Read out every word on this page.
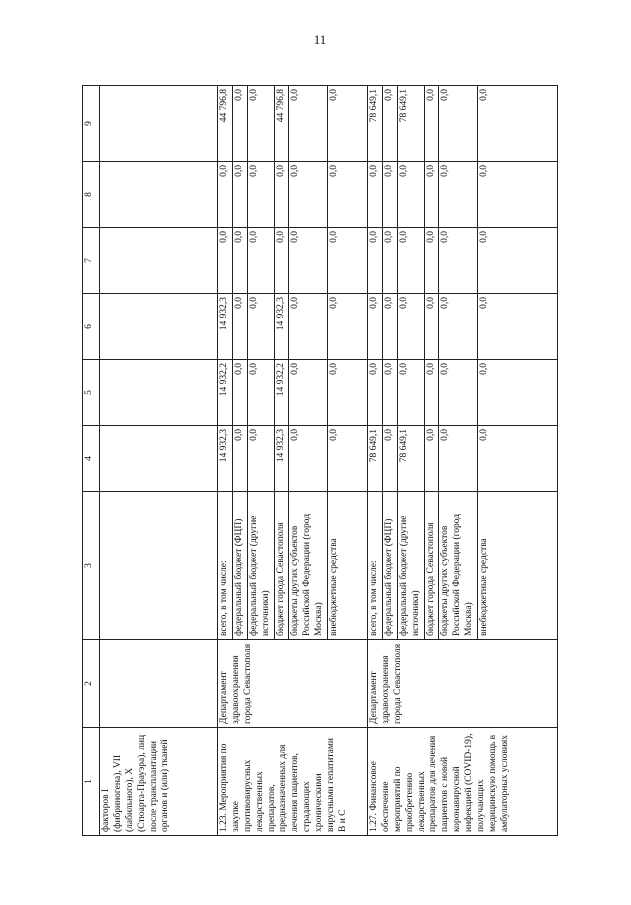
11
1	2	3	4	5	6	7	8	9
факторов I (фибриногена), VII (лабильного), X (Стюарта-Прауэра), лиц после трансплантации органов и (или) тканей								
1.23. Мероприятия по закупке противовирусных лекарственных препаратов, предназначенных для лечения пациентов, страдающих хроническими вирусными гепатитами В и С	Департамент здравоохранения города Севастополя	всего, в том числе:	14 932,3	14 932,2	14 932,3	0,0	0,0	44 796,8
		федеральный бюджет (ФЦП)	0,0	0,0	0,0	0,0	0,0	0,0
		федеральный бюджет (другие источники)	0,0	0,0	0,0	0,0	0,0	0,0
		бюджет города Севастополя	14 932,3	14 932,2	14 932,3	0,0	0,0	44 796,8
		бюджеты других субъектов Российской Федерации (город Москва)	0,0	0,0	0,0	0,0	0,0	0,0
		внебюджетные средства	0,0	0,0	0,0	0,0	0,0	0,0
1.27. Финансовое обеспечение мероприятий по приобретению лекарственных препаратов для лечения пациентов с новой коронавирусной инфекцией (COVID-19), получающих медицинскую помощь в амбулаторных условиях	Департамент здравоохранения города Севастополя	всего, в том числе:	78 649,1	0,0	0,0	0,0	0,0	78 649,1
		федеральный бюджет (ФЦП)	0,0	0,0	0,0	0,0	0,0	0,0
		федеральный бюджет (другие источники)	78 649,1	0,0	0,0	0,0	0,0	78 649,1
		бюджет города Севастополя	0,0	0,0	0,0	0,0	0,0	0,0
		бюджеты других субъектов Российской Федерации (город Москва)	0,0	0,0	0,0	0,0	0,0	0,0
		внебюджетные средства	0,0	0,0	0,0	0,0	0,0	0,0
